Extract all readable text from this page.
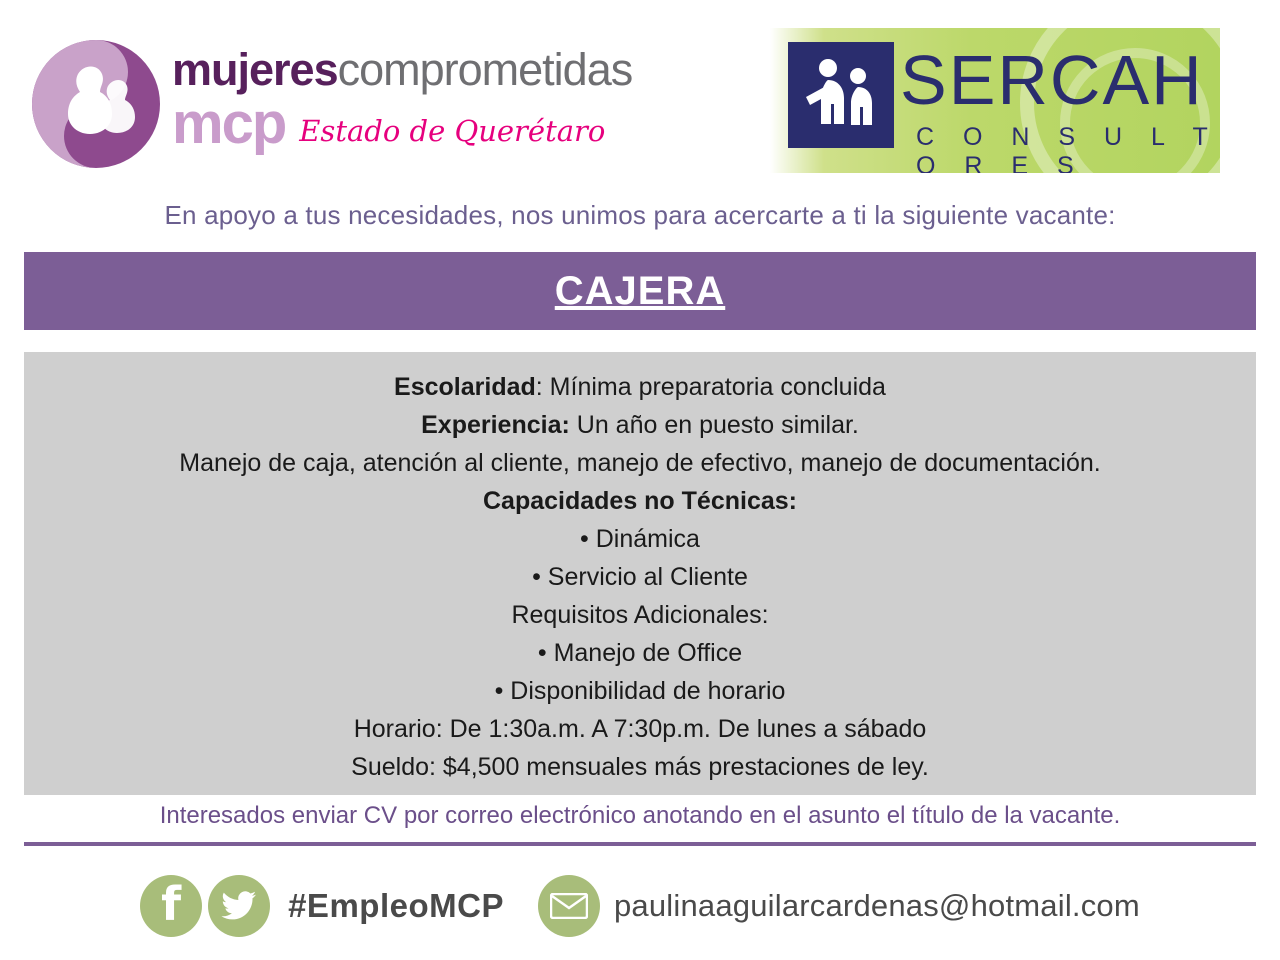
mujerescomprometidas
mcp Estado de Querétaro
SERCAH
C O N S U L T O R E S
En apoyo a tus necesidades, nos unimos para acercarte a ti la siguiente vacante:
CAJERA
Escolaridad: Mínima preparatoria concluida
Experiencia: Un año en puesto similar.
Manejo de caja, atención al cliente, manejo de efectivo, manejo de documentación.
Capacidades no Técnicas:
• Dinámica
• Servicio al Cliente
Requisitos Adicionales:
• Manejo de Office
• Disponibilidad de horario
Horario: De 1:30a.m. A 7:30p.m. De lunes a sábado
Sueldo: $4,500 mensuales más prestaciones de ley.
Interesados enviar CV por correo electrónico anotando en el asunto el título de la vacante.
f	#EmpleoMCP	paulinaaguilarcardenas@hotmail.com
